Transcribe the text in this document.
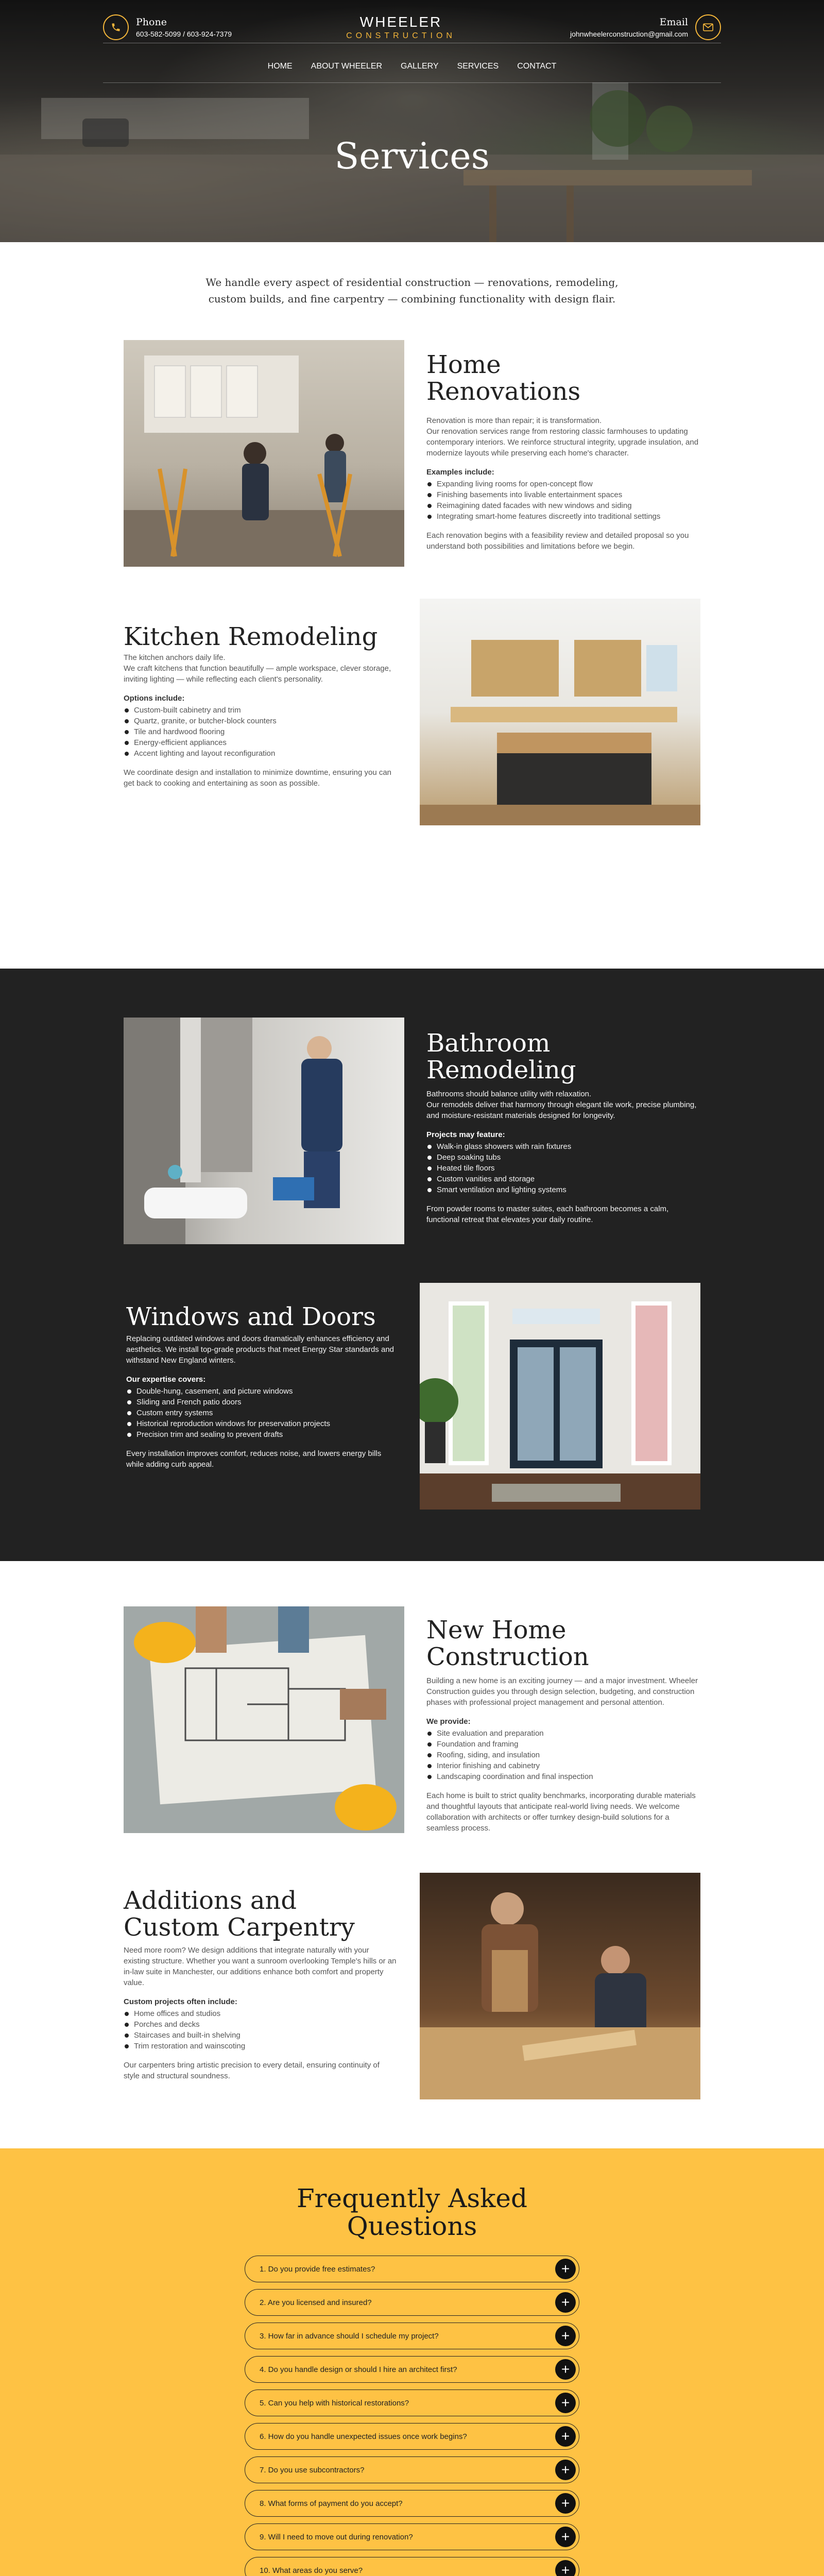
Phone
603-582-5099 / 603-924-7379
WHEELER
CONSTRUCTION
Email
johnwheelerconstruction@gmail.com
HOME ABOUT WHEELER GALLERY SERVICES CONTACT
Services
We handle every aspect of residential construction — renovations, remodeling,
custom builds, and fine carpentry — combining functionality with design flair.
Home
Renovations

Renovation is more than repair; it is transformation.

Our renovation services range from restoring classic farmhouses to updating contemporary interiors. We reinforce structural integrity, upgrade insulation, and modernize layouts while preserving each home's character.

Examples include:
Expanding living rooms for open-concept flow
Finishing basements into livable entertainment spaces
Reimagining dated facades with new windows and siding
Integrating smart-home features discreetly into traditional settings

Each renovation begins with a feasibility review and detailed proposal so you understand both possibilities and limitations before we begin.

Kitchen Remodeling

The kitchen anchors daily life.

We craft kitchens that function beautifully — ample workspace, clever storage, inviting lighting — while reflecting each client's personality.

Options include:
Custom-built cabinetry and trim
Quartz, granite, or butcher-block counters
Tile and hardwood flooring
Energy-efficient appliances
Accent lighting and layout reconfiguration

We coordinate design and installation to minimize downtime, ensuring you can get back to cooking and entertaining as soon as possible.

Bathroom
Remodeling

Bathrooms should balance utility with relaxation.

Our remodels deliver that harmony through elegant tile work, precise plumbing, and moisture-resistant materials designed for longevity.

Projects may feature:
Walk-in glass showers with rain fixtures
Deep soaking tubs
Heated tile floors
Custom vanities and storage
Smart ventilation and lighting systems

From powder rooms to master suites, each bathroom becomes a calm, functional retreat that elevates your daily routine.

Windows and Doors

Replacing outdated windows and doors dramatically enhances efficiency and aesthetics. We install top-grade products that meet Energy Star standards and withstand New England winters.

Our expertise covers:
Double-hung, casement, and picture windows
Sliding and French patio doors
Custom entry systems
Historical reproduction windows for preservation projects
Precision trim and sealing to prevent drafts

Every installation improves comfort, reduces noise, and lowers energy bills while adding curb appeal.

New Home
Construction

Building a new home is an exciting journey — and a major investment. Wheeler Construction guides you through design selection, budgeting, and construction phases with professional project management and personal attention.

We provide:
Site evaluation and preparation
Foundation and framing
Roofing, siding, and insulation
Interior finishing and cabinetry
Landscaping coordination and final inspection

Each home is built to strict quality benchmarks, incorporating durable materials and thoughtful layouts that anticipate real-world living needs. We welcome collaboration with architects or offer turnkey design-build solutions for a seamless process.

Additions and
Custom Carpentry

Need more room? We design additions that integrate naturally with your existing structure. Whether you want a sunroom overlooking Temple's hills or an in-law suite in Manchester, our additions enhance both comfort and property value.

Custom projects often include:
Home offices and studios
Porches and decks
Staircases and built-in shelving
Trim restoration and wainscoting

Our carpenters bring artistic precision to every detail, ensuring continuity of style and structural soundness.

Frequently Asked
Questions
1. Do you provide free estimates?	+
2. Are you licensed and insured?	+
3. How far in advance should I schedule my project?	+
4. Do you handle design or should I hire an architect first?	+
5. Can you help with historical restorations?	+
6. How do you handle unexpected issues once work begins?	+
7. Do you use subcontractors?	+
8. What forms of payment do you accept?	+
9. Will I need to move out during renovation?	+
10. What areas do you serve?	+
